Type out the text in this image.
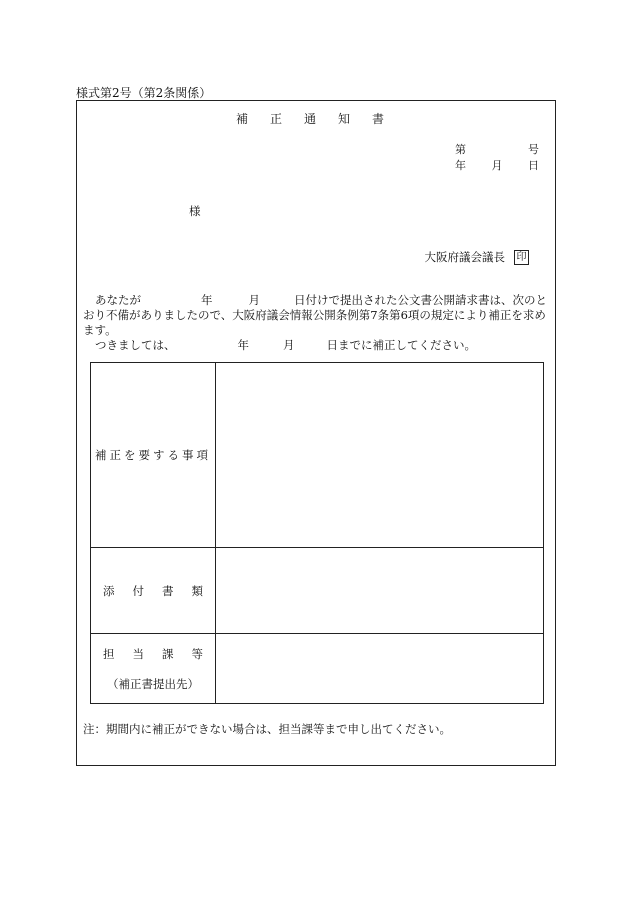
様式第2号（第2条関係）
補正通知書
第	号
年 月 日
様
大阪府議会議長 印

あなたが	年	月	日付けで提出された公文書公開請求書は、次のとおり不備がありましたので、大阪府議会情報公開条例第7条第6項の規定により補正を求めます。

つきましては、	年	月	日までに補正してください。

補正を要する事項	

添 付 書 類	

担 当 課 等
（補正書提出先）	

注：期間内に補正ができない場合は、担当課等まで申し出てください。
